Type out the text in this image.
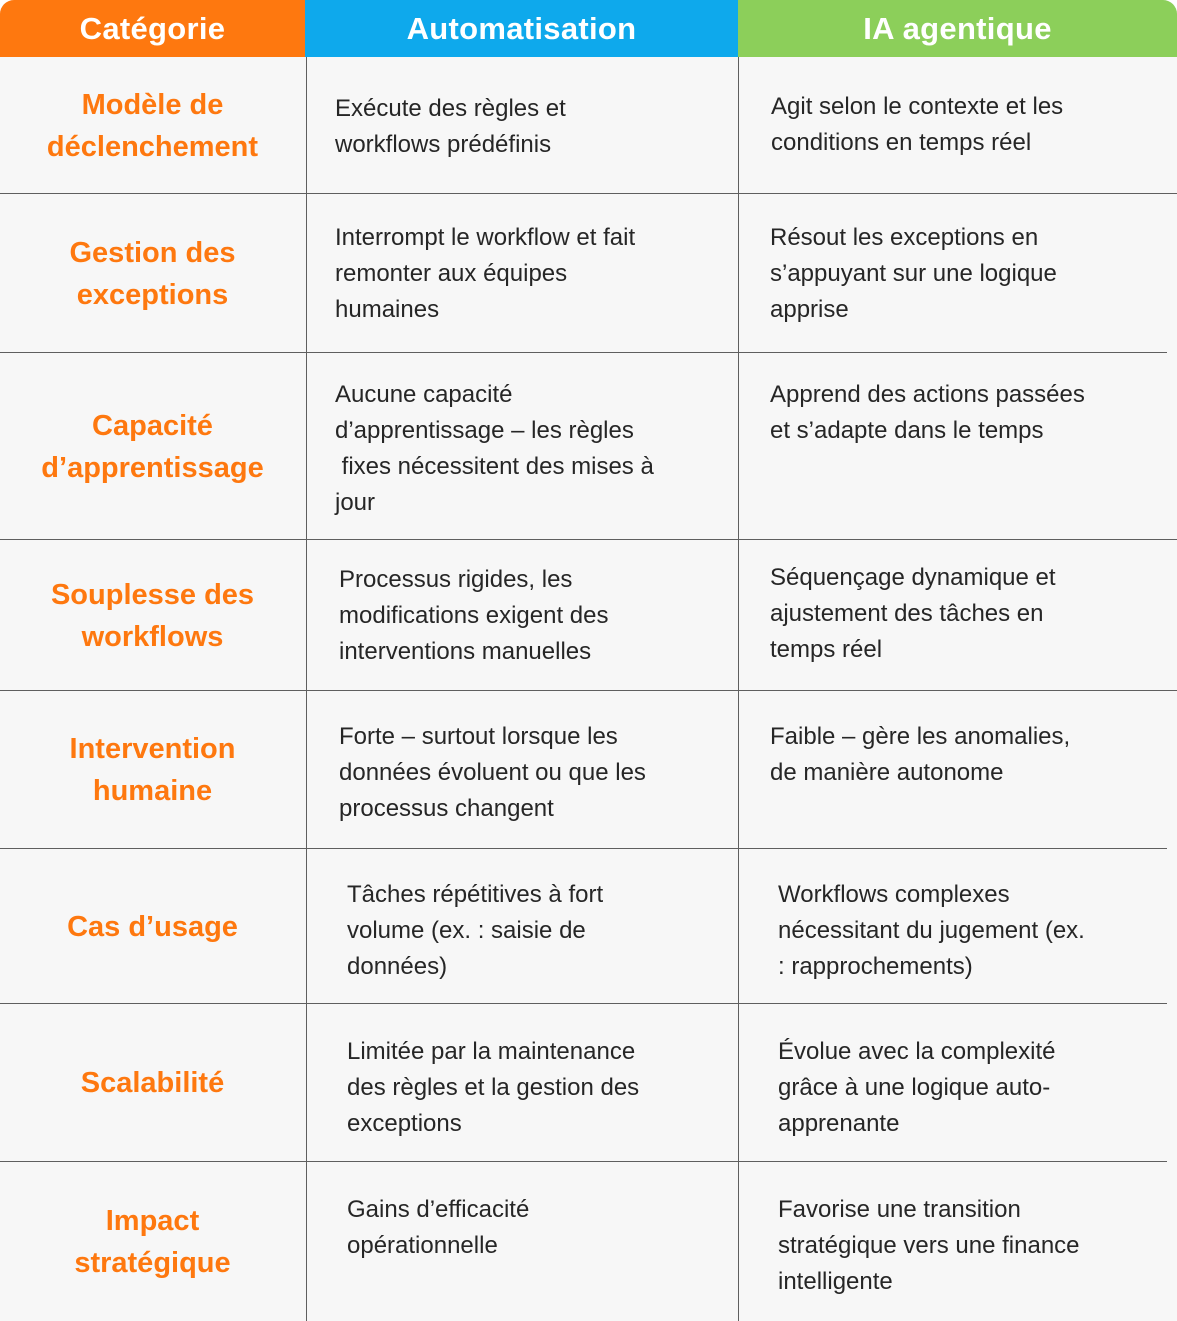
Catégorie	Automatisation	IA agentique
Modèle de
déclenchement
Exécute des règles et
workflows prédéfinis
Agit selon le contexte et les
conditions en temps réel
Gestion des
exceptions
Interrompt le workflow et fait
remonter aux équipes
humaines
Résout les exceptions en
s’appuyant sur une logique
apprise
Capacité
d’apprentissage
Aucune capacité
d’apprentissage – les règles
fixes nécessitent des mises à
jour
Apprend des actions passées
et s’adapte dans le temps
Souplesse des
workflows
Processus rigides, les
modifications exigent des
interventions manuelles
Séquençage dynamique et
ajustement des tâches en
temps réel
Intervention
humaine
Forte – surtout lorsque les
données évoluent ou que les
processus changent
Faible – gère les anomalies,
de manière autonome
Cas d’usage
Tâches répétitives à fort
volume (ex. : saisie de
données)
Workflows complexes
nécessitant du jugement (ex.
: rapprochements)
Scalabilité
Limitée par la maintenance
des règles et la gestion des
exceptions
Évolue avec la complexité
grâce à une logique auto-
apprenante
Impact
stratégique
Gains d’efficacité
opérationnelle
Favorise une transition
stratégique vers une finance
intelligente
